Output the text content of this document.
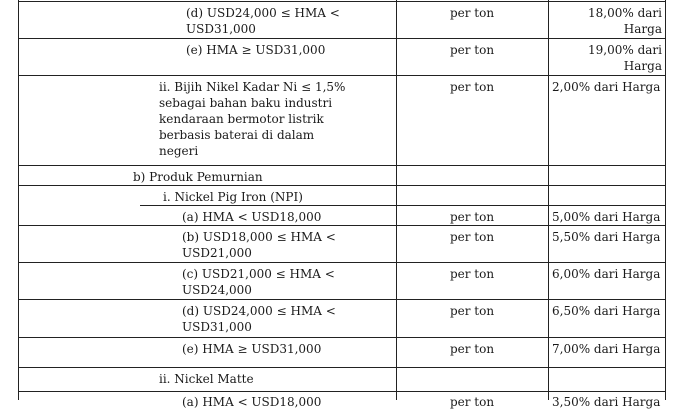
(d) USD24,000 ≤ HMA <
USD31,000
per ton	18,00% dari
Harga
(e) HMA ≥ USD31,000	per ton	19,00% dari
Harga
ii. Bijih Nikel Kadar Ni ≤ 1,5%
sebagai bahan baku industri
kendaraan bermotor listrik
berbasis baterai di dalam
negeri
per ton	2,00% dari Harga
b) Produk Pemurnian
i. Nickel Pig Iron (NPI)
(a) HMA < USD18,000	per ton	5,00% dari Harga
(b) USD18,000 ≤ HMA <
USD21,000
per ton	5,50% dari Harga
(c) USD21,000 ≤ HMA <
USD24,000
per ton	6,00% dari Harga
(d) USD24,000 ≤ HMA <
USD31,000
per ton	6,50% dari Harga
(e) HMA ≥ USD31,000	per ton	7,00% dari Harga
ii. Nickel Matte
(a) HMA < USD18,000	per ton	3,50% dari Harga
